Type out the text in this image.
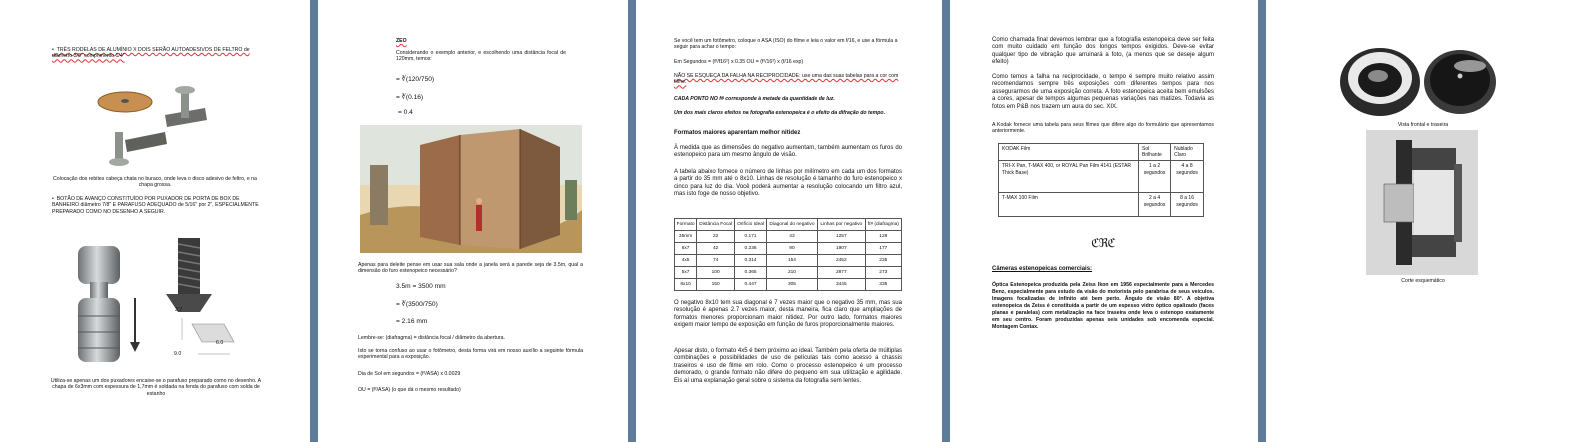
•  TRÊS RODELAS DE ALUMÍNIO X DOIS SERÃO AUTOADESIVOS DE FELTRO de diâmetro 3/8" comprimento 1/4"
Colocação dos rebites cabeça chata no buraco, onde leva o disco adesivo de feltro, e na chapa grossa.
•  BOTÃO DE AVANÇO CONSTITUÍDO POR PUXADOR DE PORTA DE BOX DE BANHEIRO diâmetro 7/8" E PARAFUSO ADEQUADO de 5/16" por 2", ESPECIALMENTE PREPARADO COMO NO DESENHO A SEGUIR.
3.7
9.0
6.0
Utiliza-se apenas um dos puxadores encaixe-se o parafuso preparado como no desenho. A chapa de 6x3mm com espessura de 1,7mm é soldada na fenda do parafuso com solda de estanho
ZEO
Considerando o exemplo anterior, e escolhendo uma distância focal de 120mm, temos:
= ∛(120/750)
= ∛(0.16)
= 0.4
Apenas para deleite pense em usar sua sala onde a janela será a parede seja de 3.5m, qual a dimensão do furo estenopeico necessário?
3.5m = 3500 mm
= ∛(3500/750)
= 2.16 mm
Lembre-se: (diafragma) = distância focal / diâmetro da abertura.
Isto se torna confuso ao usar o fotômetro, desta forma virá em nosso auxílio a seguinte fórmula experimental para a exposição.
Dia de Sol em segundos = (f²/ASA) x 0.0029
OU = (f²/ASA) (o que dá o mesmo resultado)
Se você tem um fotômetro, coloque o ASA (ISO) do filme e leia o valor em f/16, e use a fórmula a seguir para achar o tempo:
Em Segundos = (f²/f16²) x 0.35 OU = (f²/16²) x (f/16 exp)
NÃO SE ESQUEÇA DA FALHA NA RECIPROCIDADE: use uma das suas tabelas para a cor com filme.
CADA PONTO NO f# corresponde à metade da quantidade de luz.
Um dos mais claros efeitos na fotografia estenopeica é o efeito da difração do tempo.
Formatos maiores aparentam melhor nitidez
À medida que as dimensões do negativo aumentam, também aumentam os furos do estenopeico para um mesmo ângulo de visão.
A tabela abaixo fornece o número de linhas por milímetro em cada um dos formatos a partir do 35 mm até o 8x10. Linhas de resolução é tamanho do furo estenopeico x cinco para luz do dia. Você poderá aumentar a resolução colocando um filtro azul, mas isto foge de nosso objetivo.
Formato	Distância Focal	Orifício Ideal	Diagonal do negativo	Linhas por negativo	f/# (diafragma)
35mm	22	0.171	43	1257	128
6x7	42	0.236	90	1907	177
4x5	74	0.314	154	2452	235
5x7	100	0.365	210	2877	273
8x10	150	0.447	305	3445	335
O negativo 8x10 tem sua diagonal é 7 vezes maior que o negativo 35 mm, mas sua resolução é apenas 2.7 vezes maior, desta maneira, fica claro que ampliações de formatos menores proporcionam maior nitidez. Por outro lado, formatos maiores exigem maior tempo de exposição em função de furos proporcionalmente maiores.
Apesar disto, o formato 4x5 é bem próximo ao ideal. Também pela oferta de múltiplas combinações e possibilidades de uso de películas tais como acesso a chassis traseiros e uso de filme em rolo. Como o processo estenopeico é um processo demorado, o grande formato não difere do pequeno em sua utilização e agilidade. Eis aí uma explanação geral sobre o sistema da fotografia sem lentes.
Como chamada final devemos lembrar que a fotografia estenopeica deve ser feita com muito cuidado em função dos longos tempos exigidos. Deve-se evitar qualquer tipo de vibração que arruinará a foto, (a menos que se deseje algum efeito)
Como temos a falha na reciprocidade, o tempo é sempre muito relativo assim recomendamos sempre três exposições com diferentes tempos para nos assegurarmos de uma exposição correta. A foto estenopeica aceita bem emulsões a cores, apesar de tempos algumas pequenas variações nas matizes. Todavia as fotos em P&B nos trazem um aura do sec. XIX.
A Kodak fornece uma tabela para seus filmes que difere algo do formulário que apresentamos anteriormente.
KODAK Film	Sol Brilhante	Nublado Claro
TRI-X Pan, T-MAX 400, or ROYAL Pan Film 4141 (ESTAR Thick Base)	1 a 2 segundos	4 a 8 segundos
T-MAX 100 Film	2 a 4 segundos	8 a 16 segundos
ℭℜℭ
Câmeras estenopeicas comerciais:
Óptica Estenopeica produzida pela Zeiss Ikon em 1956 especialmente para a Mercedes Benz, especialmente para estudo da visão do motorista pelo parabrisa de seus veículos. Imagens focalizadas de infinito até bem perto. Ângulo de visão 80°. A objetiva estenopeica da Zeiss é constituída a partir de um espesso vidro óptico opalizado (faces planas e paralelas) com metalização na face traseira onde leva o estenopo exatamente em seu centro. Foram produzidas apenas seis unidades sob encomenda especial. Montagem Contax.
Vista frontal e traseira
Corte esquemático
